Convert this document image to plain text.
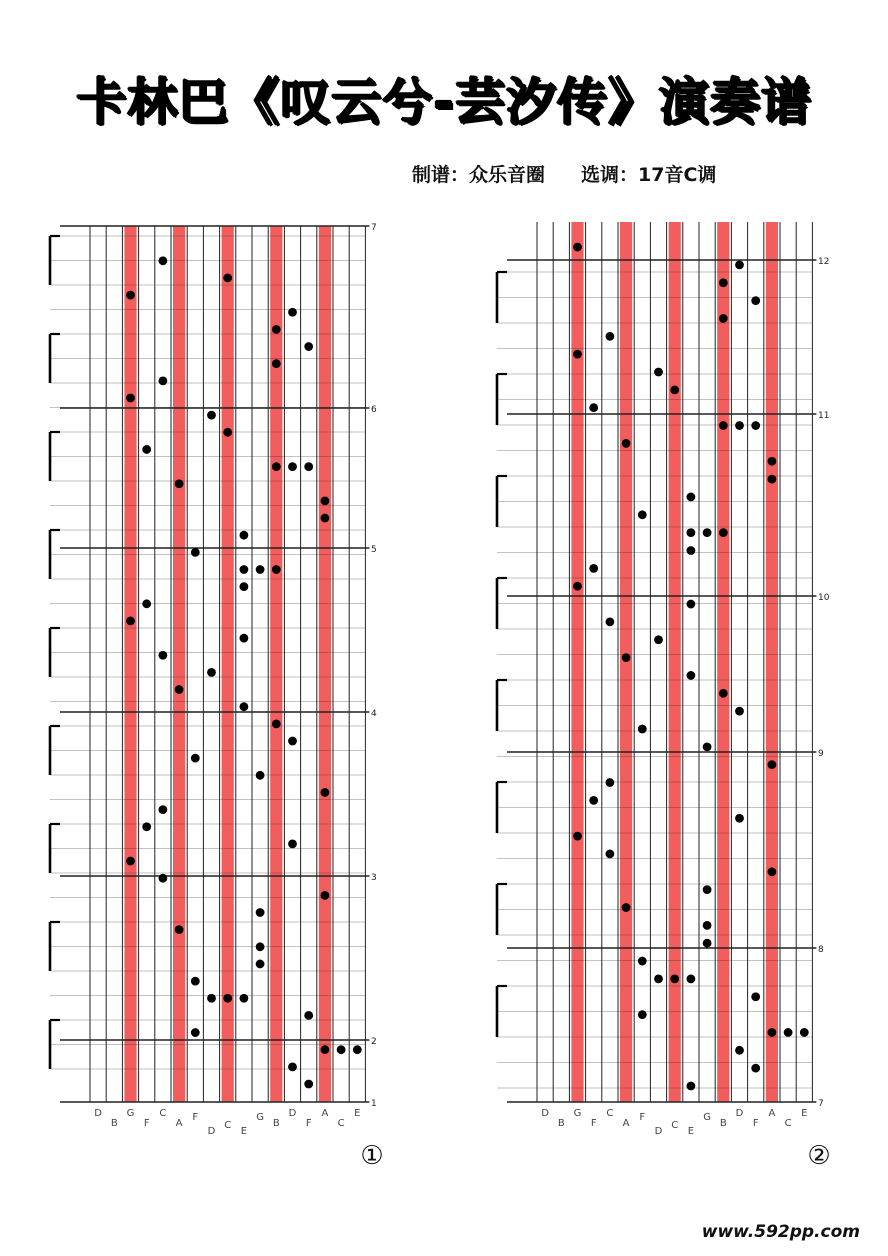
卡林巴《叹云兮-芸汐传》演奏谱
制谱：众乐音圈 选调：17音C调
1
2
3
4
5
6
7
D
B
G
F
C
A
F
D
C
E
G
B
D
F
A
C
E
①
7
8
9
10
11
12
D
B
G
F
C
A
F
D
C
E
G
B
D
F
A
C
E
②
www.592pp.com
